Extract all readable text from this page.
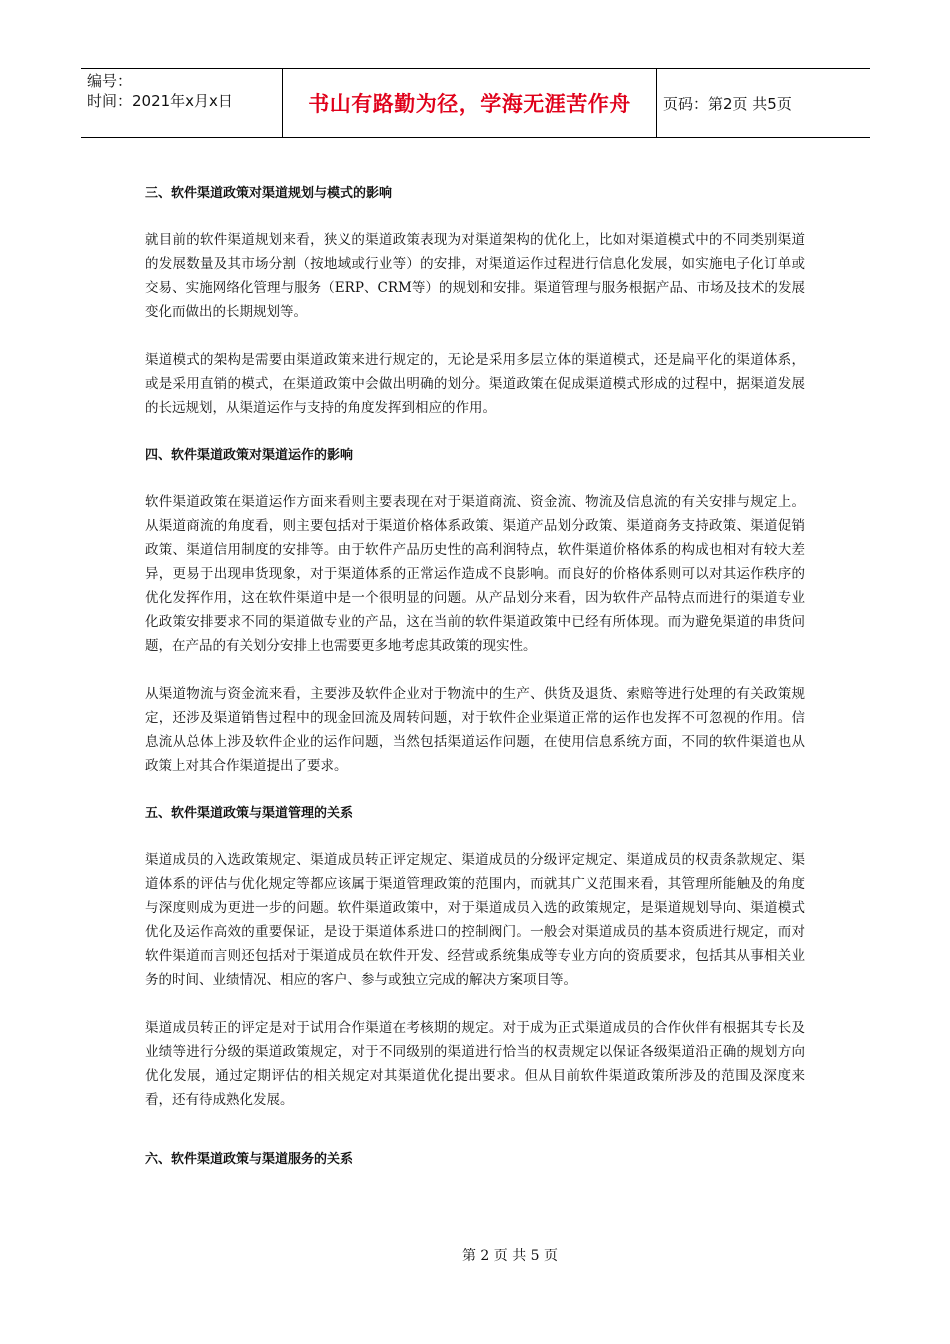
编号：
时间：2021年x月x日	书山有路勤为径，学海无涯苦作舟	页码：第2页 共5页
三、软件渠道政策对渠道规划与模式的影响

就目前的软件渠道规划来看，狭义的渠道政策表现为对渠道架构的优化上，比如对渠道模式中的不同类别渠道的发展数量及其市场分割（按地域或行业等）的安排，对渠道运作过程进行信息化发展，如实施电子化订单或交易、实施网络化管理与服务（ERP、CRM等）的规划和安排。渠道管理与服务根据产品、市场及技术的发展变化而做出的长期规划等。

渠道模式的架构是需要由渠道政策来进行规定的，无论是采用多层立体的渠道模式，还是扁平化的渠道体系，或是采用直销的模式，在渠道政策中会做出明确的划分。渠道政策在促成渠道模式形成的过程中，据渠道发展的长远规划，从渠道运作与支持的角度发挥到相应的作用。

四、软件渠道政策对渠道运作的影响

软件渠道政策在渠道运作方面来看则主要表现在对于渠道商流、资金流、物流及信息流的有关安排与规定上。从渠道商流的角度看，则主要包括对于渠道价格体系政策、渠道产品划分政策、渠道商务支持政策、渠道促销政策、渠道信用制度的安排等。由于软件产品历史性的高利润特点，软件渠道价格体系的构成也相对有较大差异，更易于出现串货现象，对于渠道体系的正常运作造成不良影响。而良好的价格体系则可以对其运作秩序的优化发挥作用，这在软件渠道中是一个很明显的问题。从产品划分来看，因为软件产品特点而进行的渠道专业化政策安排要求不同的渠道做专业的产品，这在当前的软件渠道政策中已经有所体现。而为避免渠道的串货问题，在产品的有关划分安排上也需要更多地考虑其政策的现实性。

从渠道物流与资金流来看，主要涉及软件企业对于物流中的生产、供货及退货、索赔等进行处理的有关政策规定，还涉及渠道销售过程中的现金回流及周转问题，对于软件企业渠道正常的运作也发挥不可忽视的作用。信息流从总体上涉及软件企业的运作问题，当然包括渠道运作问题，在使用信息系统方面，不同的软件渠道也从政策上对其合作渠道提出了要求。

五、软件渠道政策与渠道管理的关系

渠道成员的入选政策规定、渠道成员转正评定规定、渠道成员的分级评定规定、渠道成员的权责条款规定、渠道体系的评估与优化规定等都应该属于渠道管理政策的范围内，而就其广义范围来看，其管理所能触及的角度与深度则成为更进一步的问题。软件渠道政策中，对于渠道成员入选的政策规定，是渠道规划导向、渠道模式优化及运作高效的重要保证，是设于渠道体系进口的控制阀门。一般会对渠道成员的基本资质进行规定，而对软件渠道而言则还包括对于渠道成员在软件开发、经营或系统集成等专业方向的资质要求，包括其从事相关业务的时间、业绩情况、相应的客户、参与或独立完成的解决方案项目等。

渠道成员转正的评定是对于试用合作渠道在考核期的规定。对于成为正式渠道成员的合作伙伴有根据其专长及业绩等进行分级的渠道政策规定，对于不同级别的渠道进行恰当的权责规定以保证各级渠道沿正确的规划方向优化发展，通过定期评估的相关规定对其渠道优化提出要求。但从目前软件渠道政策所涉及的范围及深度来看，还有待成熟化发展。

六、软件渠道政策与渠道服务的关系
第 2 页 共 5 页
